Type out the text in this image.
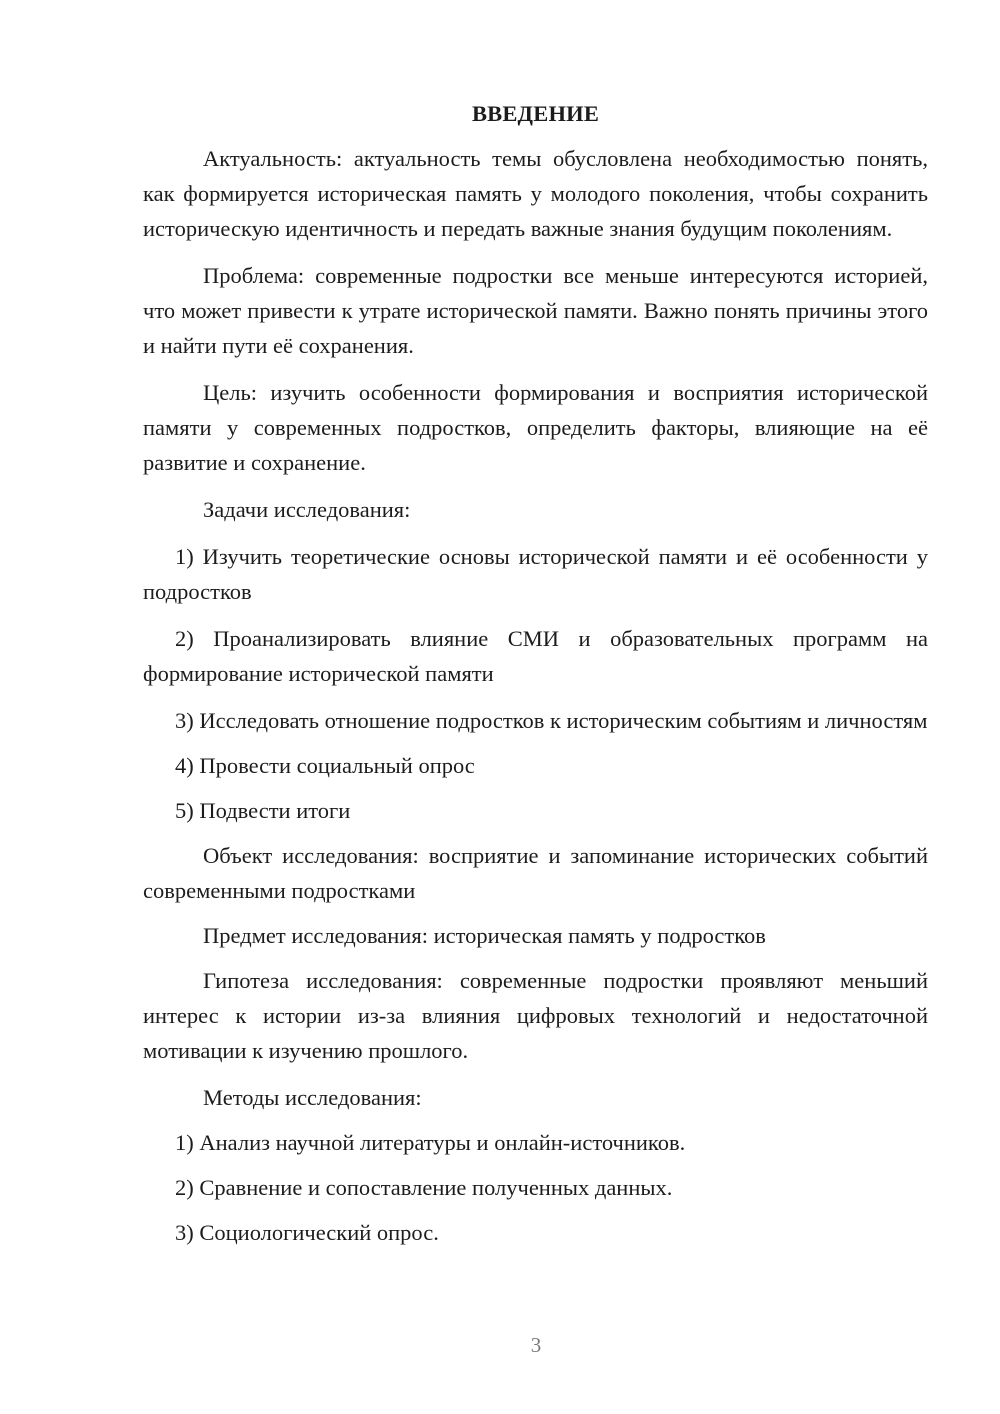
ВВЕДЕНИЕ

Актуальность: актуальность темы обусловлена необходимостью понять, как формируется историческая память у молодого поколения, чтобы сохранить историческую идентичность и передать важные знания будущим поколениям.

Проблема: современные подростки все меньше интересуются историей, что может привести к утрате исторической памяти. Важно понять причины этого и найти пути её сохранения.

Цель: изучить особенности формирования и восприятия исторической памяти у современных подростков, определить факторы, влияющие на её развитие и сохранение.

Задачи исследования:

1) Изучить теоретические основы исторической памяти и её особенности у подростков

2) Проанализировать влияние СМИ и образовательных программ на формирование исторической памяти

3) Исследовать отношение подростков к историческим событиям и личностям

4) Провести социальный опрос

5) Подвести итоги

Объект исследования: восприятие и запоминание исторических событий современными подростками

Предмет исследования: историческая память у подростков

Гипотеза исследования: современные подростки проявляют меньший интерес к истории из-за влияния цифровых технологий и недостаточной мотивации к изучению прошлого.

Методы исследования:

1) Анализ научной литературы и онлайн-источников.

2) Сравнение и сопоставление полученных данных.

3) Социологический опрос.

3
